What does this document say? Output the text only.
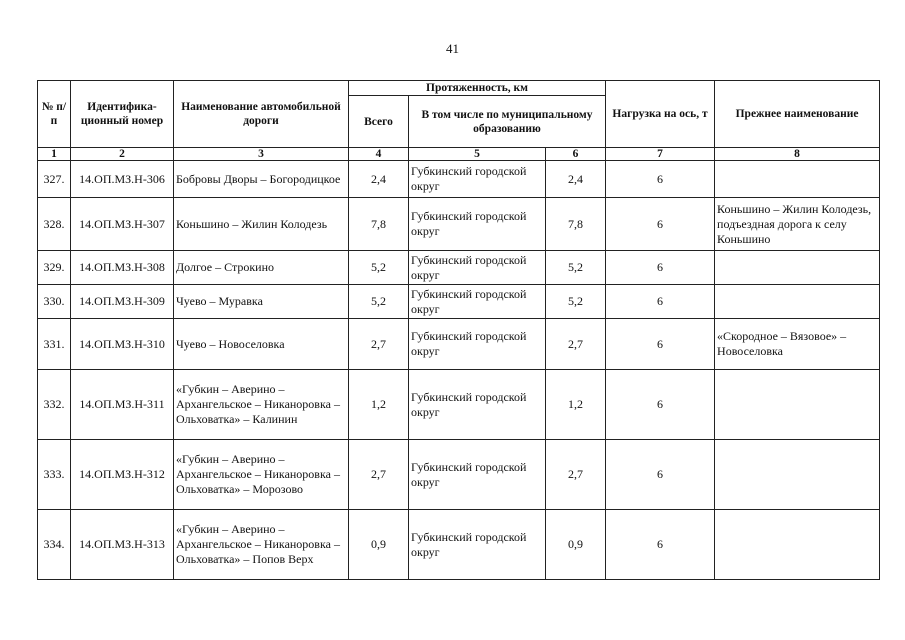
41
№ п/п	Идентифика-ционный номер	Наименование автомобильной дороги	Протяженность, км			Нагрузка на ось, т	Прежнее наименование
			Всего	В том числе по муниципальному образованию			
1	2	3	4	5	6	7	8
327.	14.ОП.МЗ.Н-306	Бобровы Дворы – Богородицкое	2,4	Губкинский городской округ	2,4	6	
328.	14.ОП.МЗ.Н-307	Коньшино – Жилин Колодезь	7,8	Губкинский городской округ	7,8	6	Коньшино – Жилин Колодезь, подъездная дорога к селу Коньшино
329.	14.ОП.МЗ.Н-308	Долгое – Строкино	5,2	Губкинский городской округ	5,2	6	
330.	14.ОП.МЗ.Н-309	Чуево – Муравка	5,2	Губкинский городской округ	5,2	6	
331.	14.ОП.МЗ.Н-310	Чуево – Новоселовка	2,7	Губкинский городской округ	2,7	6	«Скородное – Вязовое» – Новоселовка
332.	14.ОП.МЗ.Н-311	«Губкин – Аверино – Архангельское – Никаноровка – Ольховатка» – Калинин	1,2	Губкинский городской округ	1,2	6	
333.	14.ОП.МЗ.Н-312	«Губкин – Аверино – Архангельское – Никаноровка – Ольховатка» – Морозово	2,7	Губкинский городской округ	2,7	6	
334.	14.ОП.МЗ.Н-313	«Губкин – Аверино – Архангельское – Никаноровка – Ольховатка» – Попов Верх	0,9	Губкинский городской округ	0,9	6	
